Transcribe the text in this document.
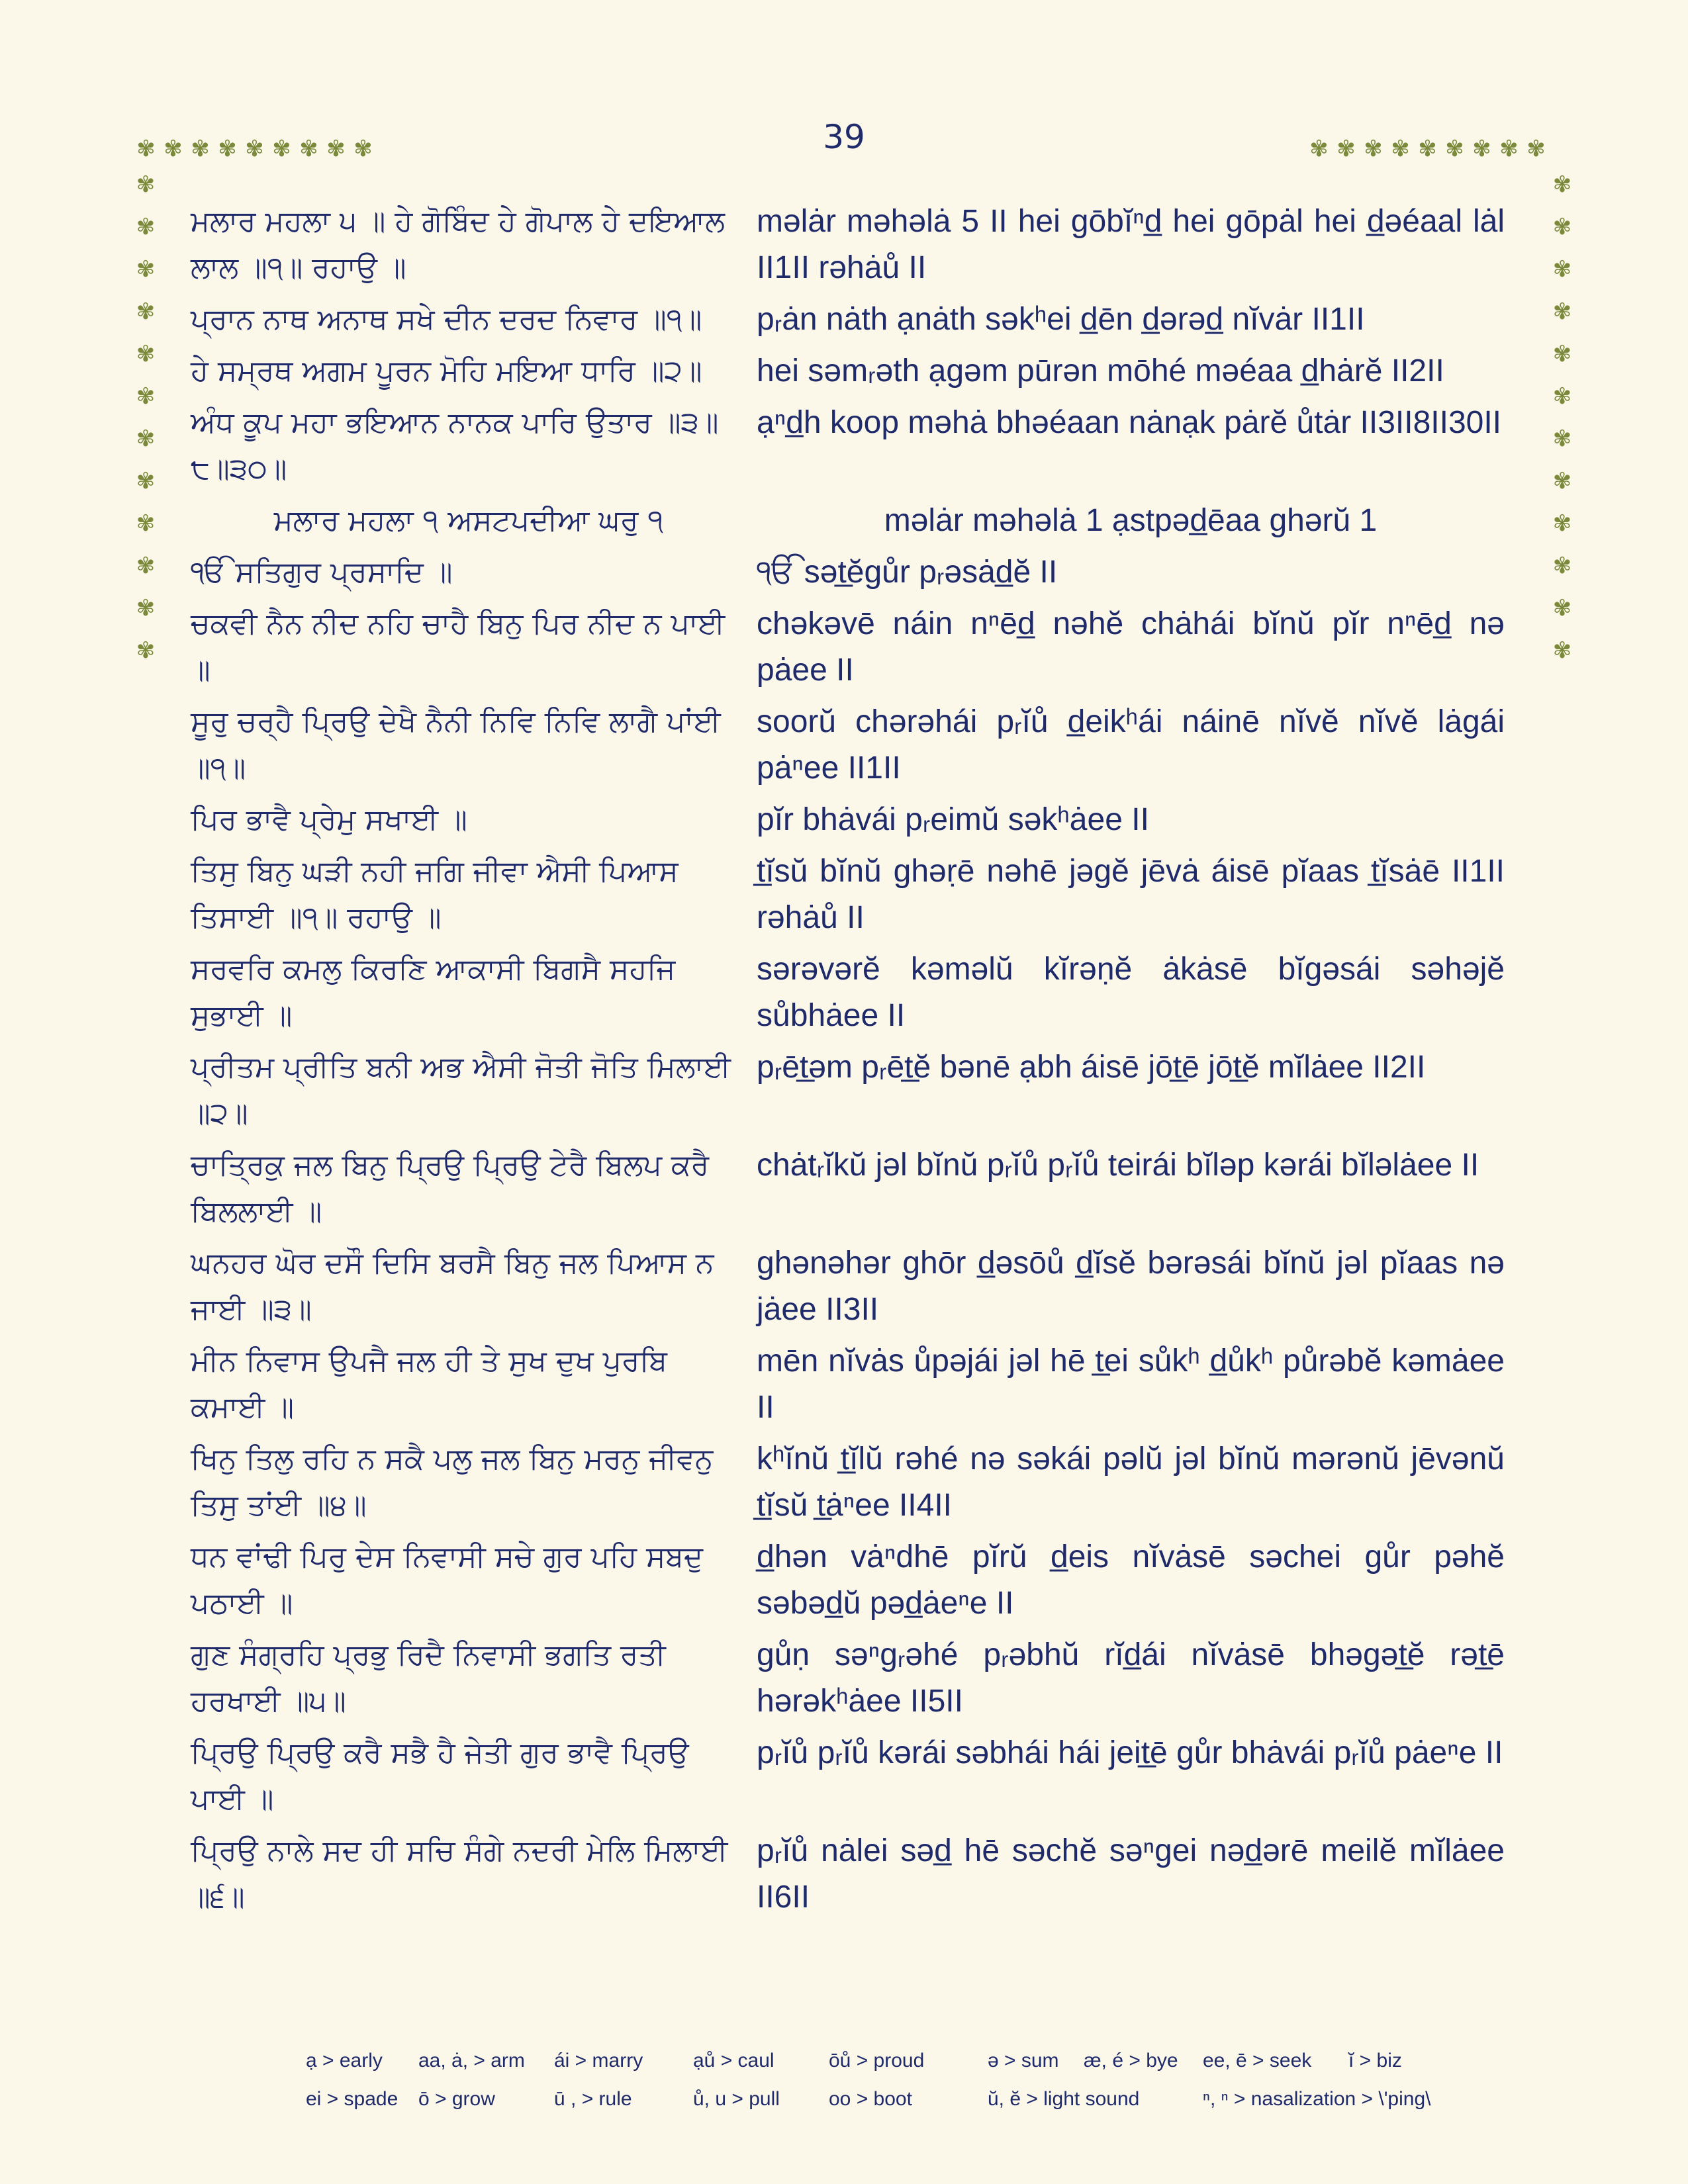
39
✾ ✾ ✾ ✾ ✾ ✾ ✾ ✾ ✾	✾ ✾ ✾ ✾ ✾ ✾ ✾ ✾ ✾
✾
✾
✾
✾
✾
✾
✾
✾
✾
✾
✾
✾
✾
✾
✾
✾
✾
✾
✾
✾
✾
✾
✾
✾
ਮਲਾਰ ਮਹਲਾ ੫ ॥ ਹੇ ਗੋਬਿੰਦ ਹੇ ਗੋਪਾਲ ਹੇ ਦਇਆਲ ਲਾਲ ॥੧॥ ਰਹਾਉ ॥
məlȧr məhəlȧ 5 II hei gōbĭⁿd̲ hei gōpȧl hei d̲əéaal lȧl II1II rəhȧů II
ਪ੍ਰਾਨ ਨਾਥ ਅਨਾਥ ਸਖੇ ਦੀਨ ਦਰਦ ਨਿਵਾਰ ॥੧॥	pᵣȧn nȧth ạnȧth səkʰei d̲ēn d̲ərəd̲ nĭvȧr II1II
ਹੇ ਸਮ੍ਰਥ ਅਗਮ ਪੂਰਨ ਮੋਹਿ ਮਇਆ ਧਾਰਿ ॥੨॥	hei səmᵣəth ạgəm pūrən mōhé məéaa d̲hȧrĕ II2II
ਅੰਧ ਕੂਪ ਮਹਾ ਭਇਆਨ ਨਾਨਕ ਪਾਰਿ ਉਤਾਰ ॥੩॥੮॥੩੦॥
ạⁿd̲h koop məhȧ bhəéaan nȧnạk pȧrĕ ůtȧr II3II8II30II
ਮਲਾਰ ਮਹਲਾ ੧ ਅਸਟਪਦੀਆ ਘਰੁ ੧	məlȧr məhəlȧ 1 ạstpəd̲ēaa ghərŭ 1
ੴ ਸਤਿਗੁਰ ਪ੍ਰਸਾਦਿ ॥	ੴ sət̲ĕgůr pᵣəsȧd̲ĕ II
ਚਕਵੀ ਨੈਨ ਨੀਦ ਨਹਿ ਚਾਹੈ ਬਿਨੁ ਪਿਰ ਨੀਦ ਨ ਪਾਈ ॥
chəkəvē náin nⁿēd̲ nəhĕ chȧhái bĭnŭ pĭr nⁿēd̲ nə pȧee II
ਸੂਰੁ ਚਰ੍ਹੈ ਪ੍ਰਿਉ ਦੇਖੈ ਨੈਨੀ ਨਿਵਿ ਨਿਵਿ ਲਾਗੈ ਪਾਂਈ ॥੧॥
soorŭ chərəhái pᵣĭů d̲eikʰái náinē nĭvĕ nĭvĕ lȧgái pȧⁿee II1II
ਪਿਰ ਭਾਵੈ ਪ੍ਰੇਮੁ ਸਖਾਈ ॥	pĭr bhȧvái pᵣeimŭ səkʰȧee II
ਤਿਸੁ ਬਿਨੁ ਘੜੀ ਨਹੀ ਜਗਿ ਜੀਵਾ ਐਸੀ ਪਿਆਸ ਤਿਸਾਈ ॥੧॥ ਰਹਾਉ ॥
t̲ĭsŭ bĭnŭ ghəṛē nəhē jəgĕ jēvȧ áisē pĭaas t̲ĭsȧē II1II rəhȧů II
ਸਰਵਰਿ ਕਮਲੁ ਕਿਰਣਿ ਆਕਾਸੀ ਬਿਗਸੈ ਸਹਜਿ ਸੁਭਾਈ ॥
sərəvərĕ kəməlŭ kĭrəṇĕ ȧkȧsē bĭgəsái səhəjĕ sůbhȧee II
ਪ੍ਰੀਤਮ ਪ੍ਰੀਤਿ ਬਨੀ ਅਭ ਐਸੀ ਜੋਤੀ ਜੋਤਿ ਮਿਲਾਈ ॥੨॥
pᵣēt̲əm pᵣēt̲ĕ bənē ạbh áisē jōt̲ē jōt̲ĕ mĭlȧee II2II
ਚਾਤ੍ਰਿਕੁ ਜਲ ਬਿਨੁ ਪ੍ਰਿਉ ਪ੍ਰਿਉ ਟੇਰੈ ਬਿਲਪ ਕਰੈ ਬਿਲਲਾਈ ॥
chȧtᵣĭkŭ jəl bĭnŭ pᵣĭů pᵣĭů teirái bĭləp kərái bĭləlȧee II
ਘਨਹਰ ਘੋਰ ਦਸੌ ਦਿਸਿ ਬਰਸੈ ਬਿਨੁ ਜਲ ਪਿਆਸ ਨ ਜਾਈ ॥੩॥
ghənəhər ghōr d̲əsōů d̲ĭsĕ bərəsái bĭnŭ jəl pĭaas nə jȧee II3II
ਮੀਨ ਨਿਵਾਸ ਉਪਜੈ ਜਲ ਹੀ ਤੇ ਸੁਖ ਦੁਖ ਪੁਰਬਿ ਕਮਾਈ ॥
mēn nĭvȧs ůpəjái jəl hē t̲ei sůkʰ d̲ůkʰ půrəbĕ kəmȧee II
ਖਿਨੁ ਤਿਲੁ ਰਹਿ ਨ ਸਕੈ ਪਲੁ ਜਲ ਬਿਨੁ ਮਰਨੁ ਜੀਵਨੁ ਤਿਸੁ ਤਾਂਈ ॥੪॥
kʰĭnŭ t̲ĭlŭ rəhé nə səkái pəlŭ jəl bĭnŭ mərənŭ jēvənŭ t̲ĭsŭ t̲ȧⁿee II4II
ਧਨ ਵਾਂਢੀ ਪਿਰੁ ਦੇਸ ਨਿਵਾਸੀ ਸਚੇ ਗੁਰ ਪਹਿ ਸਬਦੁ ਪਠਾਈ ॥
d̲hən vȧⁿdhē pĭrŭ d̲eis nĭvȧsē səchei gůr pəhĕ səbəd̲ŭ pəd̲ȧeⁿe II
ਗੁਣ ਸੰਗ੍ਰਹਿ ਪ੍ਰਭੁ ਰਿਦੈ ਨਿਵਾਸੀ ਭਗਤਿ ਰਤੀ ਹਰਖਾਈ ॥੫॥
gůṇ səⁿgᵣəhé pᵣəbhŭ rĭd̲ái nĭvȧsē bhəgət̲ĕ rət̲ē hərəkʰȧee II5II
ਪ੍ਰਿਉ ਪ੍ਰਿਉ ਕਰੈ ਸਭੈ ਹੈ ਜੇਤੀ ਗੁਰ ਭਾਵੈ ਪ੍ਰਿਉ ਪਾਈ ॥
pᵣĭů pᵣĭů kərái səbhái hái jeit̲ē gůr bhȧvái pᵣĭů pȧeⁿe II
ਪ੍ਰਿਉ ਨਾਲੇ ਸਦ ਹੀ ਸਚਿ ਸੰਗੇ ਨਦਰੀ ਮੇਲਿ ਮਿਲਾਈ ॥੬॥
pᵣĭů nȧlei səd̲ hē səchĕ səⁿgei nəd̲ərē meilĕ mĭlȧee II6II
ạ > early	aa, ȧ, > arm	ái > marry	ạů > caul	ōů > proud	ə > sum	æ, é > bye	ee, ē > seek	ĭ > biz
ei > spade	ō > grow	ū , > rule	ů, u > pull	oo > boot	ŭ, ĕ > light sound	ⁿ, ⁿ > nasalization > \'ping\
